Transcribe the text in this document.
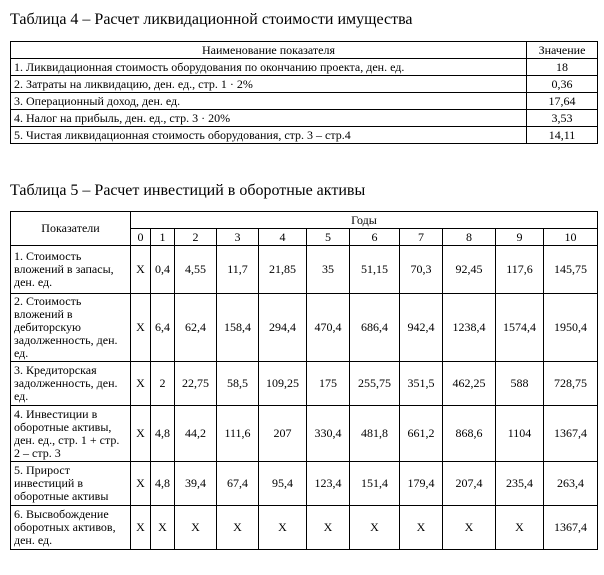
Таблица 4 – Расчет ликвидационной стоимости имущества
Наименование показателя	Значение
1. Ликвидационная стоимость оборудования по окончанию проекта, ден. ед.	18
2. Затраты на ликвидацию, ден. ед., стр. 1 · 2%	0,36
3. Операционный доход, ден. ед.	17,64
4. Налог на прибыль, ден. ед., стр. 3 · 20%	3,53
5. Чистая ликвидационная стоимость оборудования, стр. 3 – стр.4	14,11
Таблица 5 – Расчет инвестиций в оборотные активы
Показатели	Годы										
	0	1	2	3	4	5	6	7	8	9	10
1. Стоимость вложений в запасы, ден. ед.	X	0,4	4,55	11,7	21,85	35	51,15	70,3	92,45	117,6	145,75
2. Стоимость вложений в дебиторскую задолженность, ден. ед.	X	6,4	62,4	158,4	294,4	470,4	686,4	942,4	1238,4	1574,4	1950,4
3. Кредиторская задолженность, ден. ед.	X	2	22,75	58,5	109,25	175	255,75	351,5	462,25	588	728,75
4. Инвестиции в оборотные активы, ден. ед., стр. 1 + стр. 2 – стр. 3	X	4,8	44,2	111,6	207	330,4	481,8	661,2	868,6	1104	1367,4
5. Прирост инвестиций в оборотные активы	X	4,8	39,4	67,4	95,4	123,4	151,4	179,4	207,4	235,4	263,4
6. Высвобождение оборотных активов, ден. ед.	X	X	X	X	X	X	X	X	X	X	1367,4
